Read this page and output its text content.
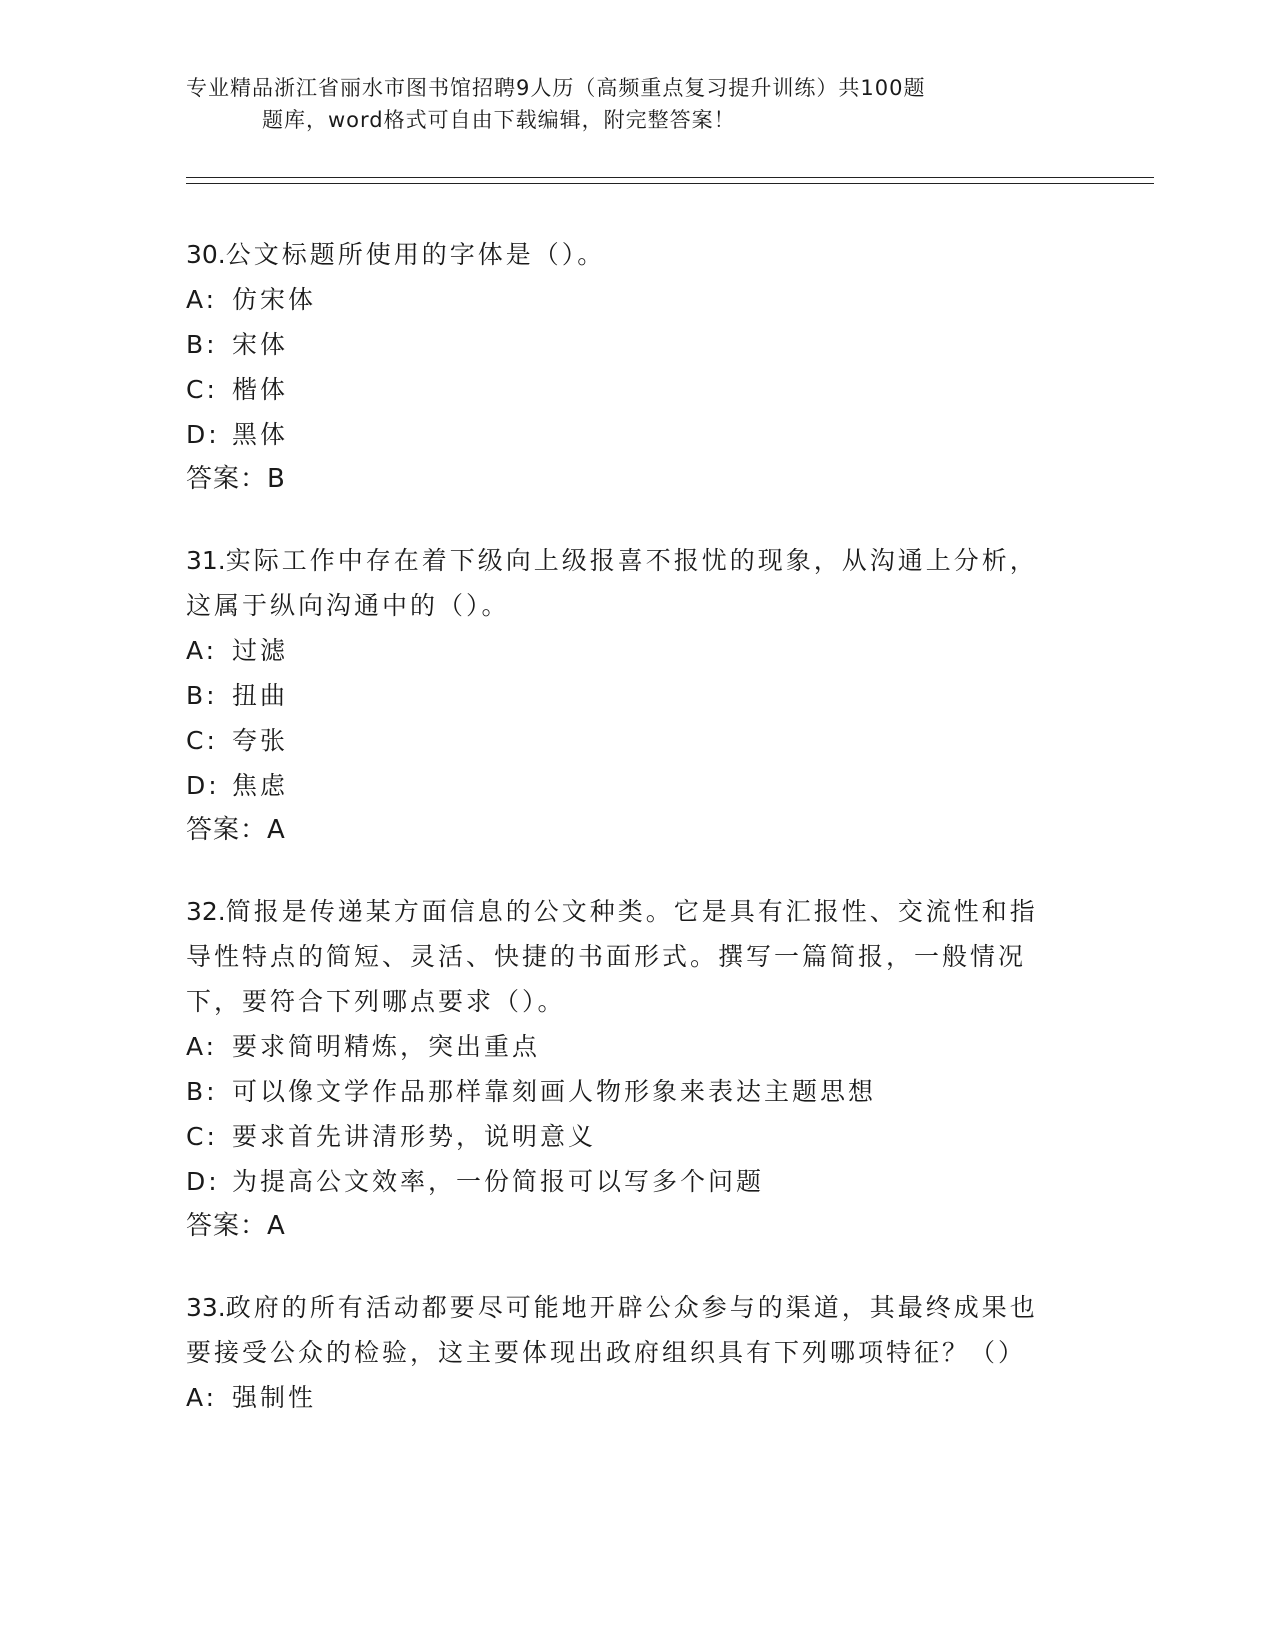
专业精品浙江省丽水市图书馆招聘9人历（高频重点复习提升训练）共100题
题库，word格式可自由下载编辑，附完整答案！
30.公文标题所使用的字体是（）。
A: 仿宋体
B: 宋体
C: 楷体
D: 黑体
答案：B
31.实际工作中存在着下级向上级报喜不报忧的现象，从沟通上分析，
这属于纵向沟通中的（）。
A: 过滤
B: 扭曲
C: 夸张
D: 焦虑
答案：A
32.简报是传递某方面信息的公文种类。它是具有汇报性、交流性和指
导性特点的简短、灵活、快捷的书面形式。撰写一篇简报，一般情况
下，要符合下列哪点要求（）。
A: 要求简明精炼，突出重点
B: 可以像文学作品那样靠刻画人物形象来表达主题思想
C: 要求首先讲清形势，说明意义
D: 为提高公文效率，一份简报可以写多个问题
答案：A
33.政府的所有活动都要尽可能地开辟公众参与的渠道，其最终成果也
要接受公众的检验，这主要体现出政府组织具有下列哪项特征？（）
A: 强制性
